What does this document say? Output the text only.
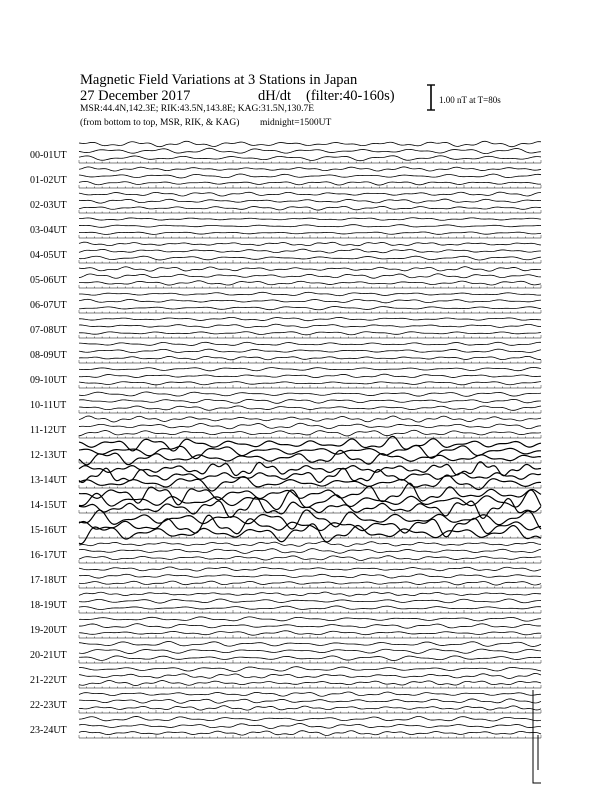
Magnetic Field Variations at 3 Stations in Japan
27 December 2017	dH/dt (filter:40-160s)
MSR:44.4N,142.3E; RIK:43.5N,143.8E; KAG:31.5N,130.7E
(from bottom to top, MSR, RIK, & KAG) midnight=1500UT
1.00 nT at T=80s
00-01UT
01-02UT
02-03UT
03-04UT
04-05UT
05-06UT
06-07UT
07-08UT
08-09UT
09-10UT
10-11UT
11-12UT
12-13UT
13-14UT
14-15UT
15-16UT
16-17UT
17-18UT
18-19UT
19-20UT
20-21UT
21-22UT
22-23UT
23-24UT
